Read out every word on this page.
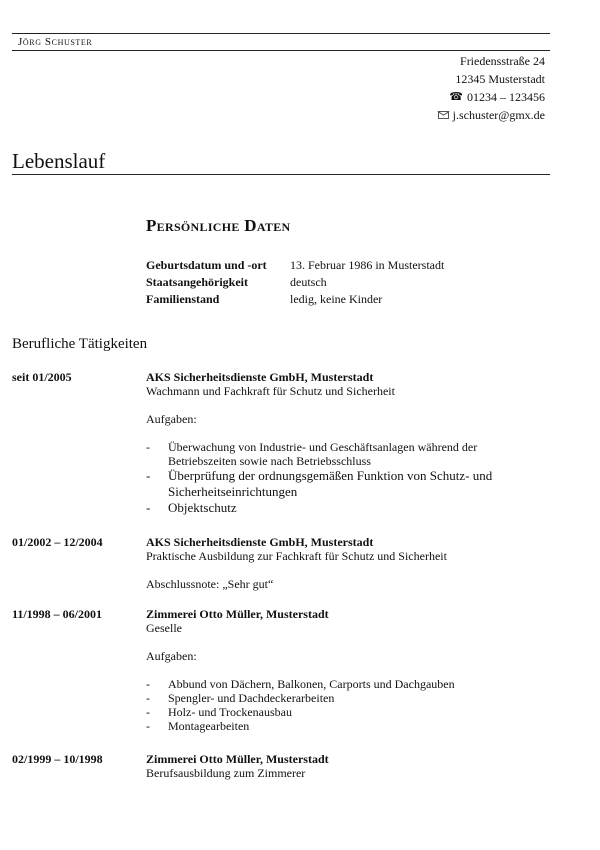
Jörg Schuster
Friedensstraße 24
12345 Musterstadt
☎ 01234 – 123456
j.schuster@gmx.de
Lebenslauf
Persönliche Daten
Geburtsdatum und -ort	13. Februar 1986 in Musterstadt
Staatsangehörigkeit	deutsch
Familienstand	ledig, keine Kinder
Berufliche Tätigkeiten
seit 01/2005	AKS Sicherheitsdienste GmbH, Musterstadt
Wachmann und Fachkraft für Schutz und Sicherheit
Aufgaben:
- Überwachung von Industrie- und Geschäftsanlagen während der Betriebszeiten sowie nach Betriebsschluss
- Überprüfung der ordnungsgemäßen Funktion von Schutz- und Sicherheitseinrichtungen
- Objektschutz
01/2002 – 12/2004	AKS Sicherheitsdienste GmbH, Musterstadt
Praktische Ausbildung zur Fachkraft für Schutz und Sicherheit
Abschlussnote: „Sehr gut“
11/1998 – 06/2001	Zimmerei Otto Müller, Musterstadt
Geselle
Aufgaben:
- Abbund von Dächern, Balkonen, Carports und Dachgauben
- Spengler- und Dachdeckerarbeiten
- Holz- und Trockenausbau
- Montagearbeiten
02/1999 – 10/1998	Zimmerei Otto Müller, Musterstadt
Berufsausbildung zum Zimmerer
